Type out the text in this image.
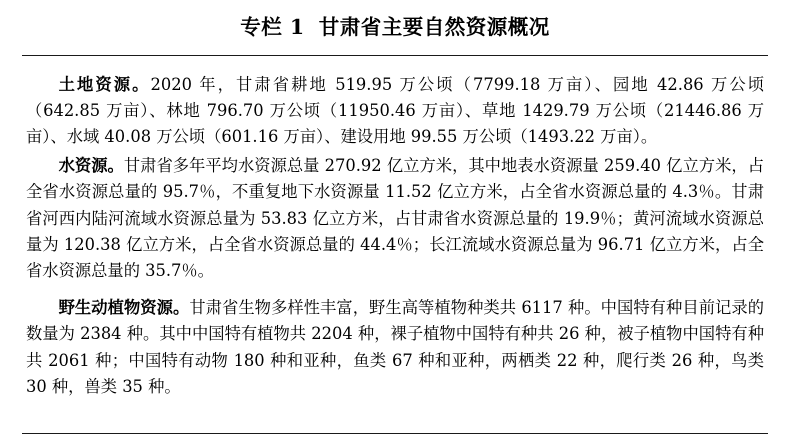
专栏 1 甘肃省主要自然资源概况

土地资源。2020 年，甘肃省耕地 519.95 万公顷（7799.18 万亩）、园地 42.86 万公顷（642.85 万亩）、林地 796.70 万公顷（11950.46 万亩）、草地 1429.79 万公顷（21446.86 万亩）、水域 40.08 万公顷（601.16 万亩）、建设用地 99.55 万公顷（1493.22 万亩）。

水资源。甘肃省多年平均水资源总量 270.92 亿立方米，其中地表水资源量 259.40 亿立方米，占全省水资源总量的 95.7％，不重复地下水资源量 11.52 亿立方米，占全省水资源总量的 4.3％。甘肃省河西内陆河流域水资源总量为 53.83 亿立方米，占甘肃省水资源总量的 19.9％；黄河流域水资源总量为 120.38 亿立方米，占全省水资源总量的 44.4％；长江流域水资源总量为 96.71 亿立方米，占全省水资源总量的 35.7％。

野生动植物资源。甘肃省生物多样性丰富，野生高等植物种类共 6117 种。中国特有种目前记录的数量为 2384 种。其中中国特有植物共 2204 种，裸子植物中国特有种共 26 种，被子植物中国特有种共 2061 种；中国特有动物 180 种和亚种，鱼类 67 种和亚种，两栖类 22 种，爬行类 26 种，鸟类 30 种，兽类 35 种。
